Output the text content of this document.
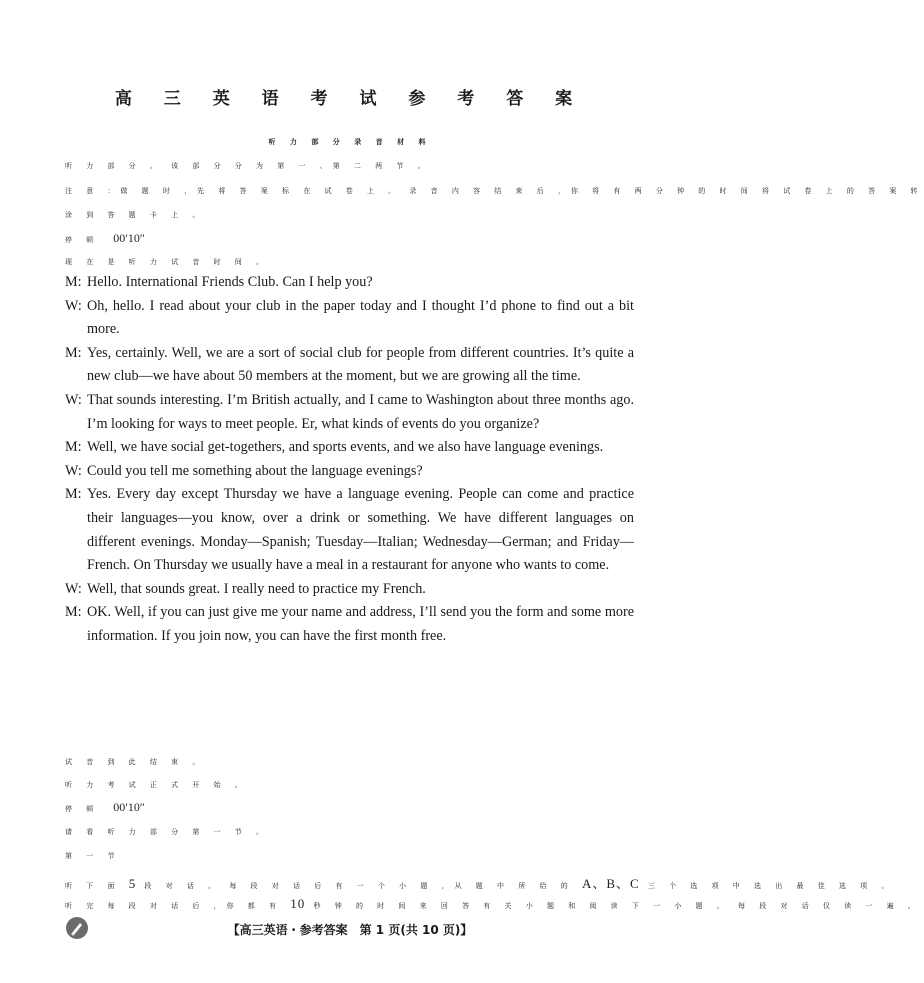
高 三 英 语 考 试 参 考 答 案
听 力 部 分 录 音 材 料
听 力 部 分 。 该 部 分 分 为 第 一 、第 二 两 节 。
注 意 ：做 题 时 ，先 将 答 案 标 在 试 卷 上 。 录 音 内 容 结 束 后 ，你 将 有 两 分 钟 的 时 间 将 试 卷 上 的 答 案 转
涂 到 答 题 卡 上 。
停 顿 00′10″
现 在 是 听 力 试 音 时 间 。
M: Hello. International Friends Club. Can I help you?
W: Oh, hello. I read about your club in the paper today and I thought I’d phone to find out a bit more.
M: Yes, certainly. Well, we are a sort of social club for people from different countries. It’s quite a new club—we have about 50 members at the moment, but we are growing all the time.
W: That sounds interesting. I’m British actually, and I came to Washington about three months ago. I’m looking for ways to meet people. Er, what kinds of events do you organize?
M: Well, we have social get-togethers, and sports events, and we also have language evenings.
W: Could you tell me something about the language evenings?
M: Yes. Every day except Thursday we have a language evening. People can come and practice their languages—you know, over a drink or something. We have different languages on different evenings. Monday—Spanish; Tuesday—Italian; Wednesday—German; and Friday—French. On Thursday we usually have a meal in a restaurant for anyone who wants to come.
W: Well, that sounds great. I really need to practice my French.
M: OK. Well, if you can just give me your name and address, I’ll send you the form and some more information. If you join now, you can have the first month free.
试 音 到 此 结 束 。
听 力 考 试 正 式 开 始 。
停 顿 00′10″
请 看 听 力 部 分 第 一 节 。
第 一 节
听 下 面 5 段 对 话 。 每 段 对 话 后 有 一 个 小 题 ，从 题 中 所 给 的 A、B、C 三 个 选 项 中 选 出 最 佳 选 项 。
听 完 每 段 对 话 后 ，你 都 有 10 秒 钟 的 时 间 来 回 答 有 关 小 题 和 阅 读 下 一 小 题 。 每 段 对 话 仅 读 一 遍 。
【高三英语・参考答案　第 1 页(共 10 页)】
